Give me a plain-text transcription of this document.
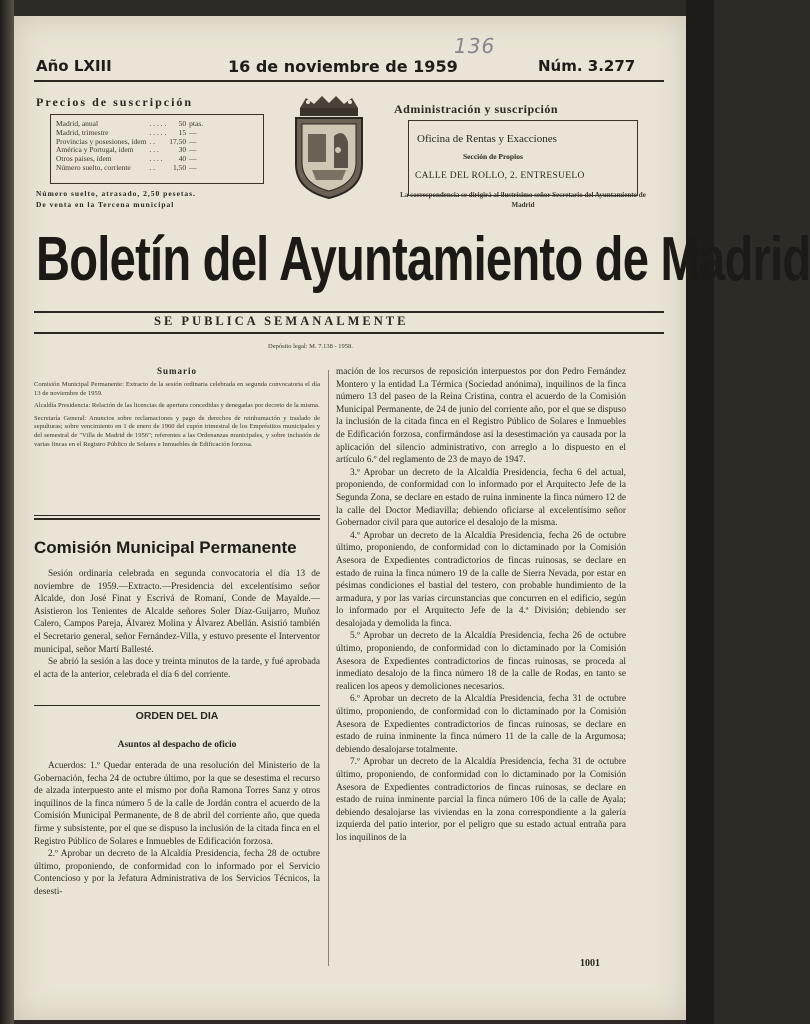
136
Año LXIII	16 de noviembre de 1959	Núm. 3.277
Precios de suscripción
Madrid, anual	. . . . .	50	ptas.
Madrid, trimestre	. . . . .	15	—
Provincias y posesiones, ídem	. .	17,50	—
América y Portugal, ídem	. . .	30	—
Otros países, ídem	. . . .	40	—
Número suelto, corriente	. .	1,50	—
Número suelto, atrasado, 2,50 pesetas.
De venta en la Tercena municipal
Administración y suscripción
Oficina de Rentas y Exacciones
Sección de Propios
CALLE DEL ROLLO, 2. ENTRESUELO
La correspondencia se dirigirá al ilustrísimo señor Secretario del Ayuntamiento de Madrid
Boletín del Ayuntamiento de Madrid
SE PUBLICA SEMANALMENTE
Depósito legal: M. 7.138 - 1958.
Sumario

Comisión Municipal Permanente: Extracto de la sesión ordinaria celebrada en segunda convocatoria el día 13 de noviembre de 1959.

Alcaldía Presidencia: Relación de las licencias de apertura concedidas y denegadas por decreto de la misma.

Secretaría General: Anuncios sobre reclamaciones y pago de derechos de reinhumación y traslado de sepulturas; sobre vencimiento en 1 de enero de 1960 del cupón trimestral de los Empréstitos municipales y del semestral de "Villa de Madrid de 1956"; referentes a las Ordenanzas municipales, y sobre inclusión de varias fincas en el Registro Público de Solares e Inmuebles de Edificación forzosa.

Comisión Municipal Permanente

Sesión ordinaria celebrada en segunda convocatoria el día 13 de noviembre de 1959.—Extracto.—Presidencia del excelentísimo señor Alcalde, don José Finat y Escrivá de Romaní, Conde de Mayalde.—Asistieron los Tenientes de Alcalde señores Soler Díaz-Guijarro, Muñoz Calero, Campos Pareja, Álvarez Molina y Álvarez Abellán. Asistió también el Secretario general, señor Fernández-Villa, y estuvo presente el Interventor municipal, señor Martí Ballesté.

Se abrió la sesión a las doce y treinta minutos de la tarde, y fué aprobada el acta de la anterior, celebrada el día 6 del corriente.

ORDEN DEL DIA
Asuntos al despacho de oficio

Acuerdos: 1.º Quedar enterada de una resolución del Ministerio de la Gobernación, fecha 24 de octubre último, por la que se desestima el recurso de alzada interpuesto ante el mismo por doña Ramona Torres Sanz y otros inquilinos de la finca número 5 de la calle de Jordán contra el acuerdo de la Comisión Municipal Permanente, de 8 de abril del corriente año, que queda firme y subsistente, por el que se dispuso la inclusión de la citada finca en el Registro Público de Solares e Inmuebles de Edificación forzosa.

2.º Aprobar un decreto de la Alcaldía Presidencia, fecha 28 de octubre último, proponiendo, de conformidad con lo informado por el Servicio Contencioso y por la Jefatura Administrativa de los Servicios Técnicos, la desesti-

mación de los recursos de reposición interpuestos por don Pedro Fernández Montero y la entidad La Térmica (Sociedad anónima), inquilinos de la finca número 13 del paseo de la Reina Cristina, contra el acuerdo de la Comisión Municipal Permanente, de 24 de junio del corriente año, por el que se dispuso la inclusión de la citada finca en el Registro Público de Solares e Inmuebles de Edificación forzosa, confirmándose así la desestimación ya causada por la aplicación del silencio administrativo, con arreglo a lo dispuesto en el artículo 6.º del reglamento de 23 de mayo de 1947.

3.º Aprobar un decreto de la Alcaldía Presidencia, fecha 6 del actual, proponiendo, de conformidad con lo informado por el Arquitecto Jefe de la Segunda Zona, se declare en estado de ruina inminente la finca número 12 de la calle del Doctor Mediavilla; debiendo oficiarse al excelentísimo señor Gobernador civil para que autorice el desalojo de la misma.

4.º Aprobar un decreto de la Alcaldía Presidencia, fecha 26 de octubre último, proponiendo, de conformidad con lo dictaminado por la Comisión Asesora de Expedientes contradictorios de fincas ruinosas, se declare en estado de ruina la finca número 19 de la calle de Sierra Nevada, por estar en pésimas condiciones el bastial del testero, con probable hundimiento de la armadura, y por las varias circunstancias que concurren en el edificio, según lo informado por el Arquitecto Jefe de la 4.ª División; debiendo ser desalojada y demolida la finca.

5.º Aprobar un decreto de la Alcaldía Presidencia, fecha 26 de octubre último, proponiendo, de conformidad con lo dictaminado por la Comisión Asesora de Expedientes contradictorios de fincas ruinosas, se proceda al inmediato desalojo de la finca número 18 de la calle de Rodas, en tanto se realicen los apeos y demoliciones necesarios.

6.º Aprobar un decreto de la Alcaldía Presidencia, fecha 31 de octubre último, proponiendo, de conformidad con lo dictaminado por la Comisión Asesora de Expedientes contradictorios de fincas ruinosas, se declare en estado de ruina inminente la finca número 11 de la calle de la Argumosa; debiendo desalojarse totalmente.

7.º Aprobar un decreto de la Alcaldía Presidencia, fecha 31 de octubre último, proponiendo, de conformidad con lo dictaminado por la Comisión Asesora de Expedientes contradictorios de fincas ruinosas, se declare en estado de ruina inminente parcial la finca número 106 de la calle de Ayala; debiendo desalojarse las viviendas en la zona correspondiente a la galería izquierda del patio interior, por el peligro que su estado actual entraña para los inquilinos de la

1001
